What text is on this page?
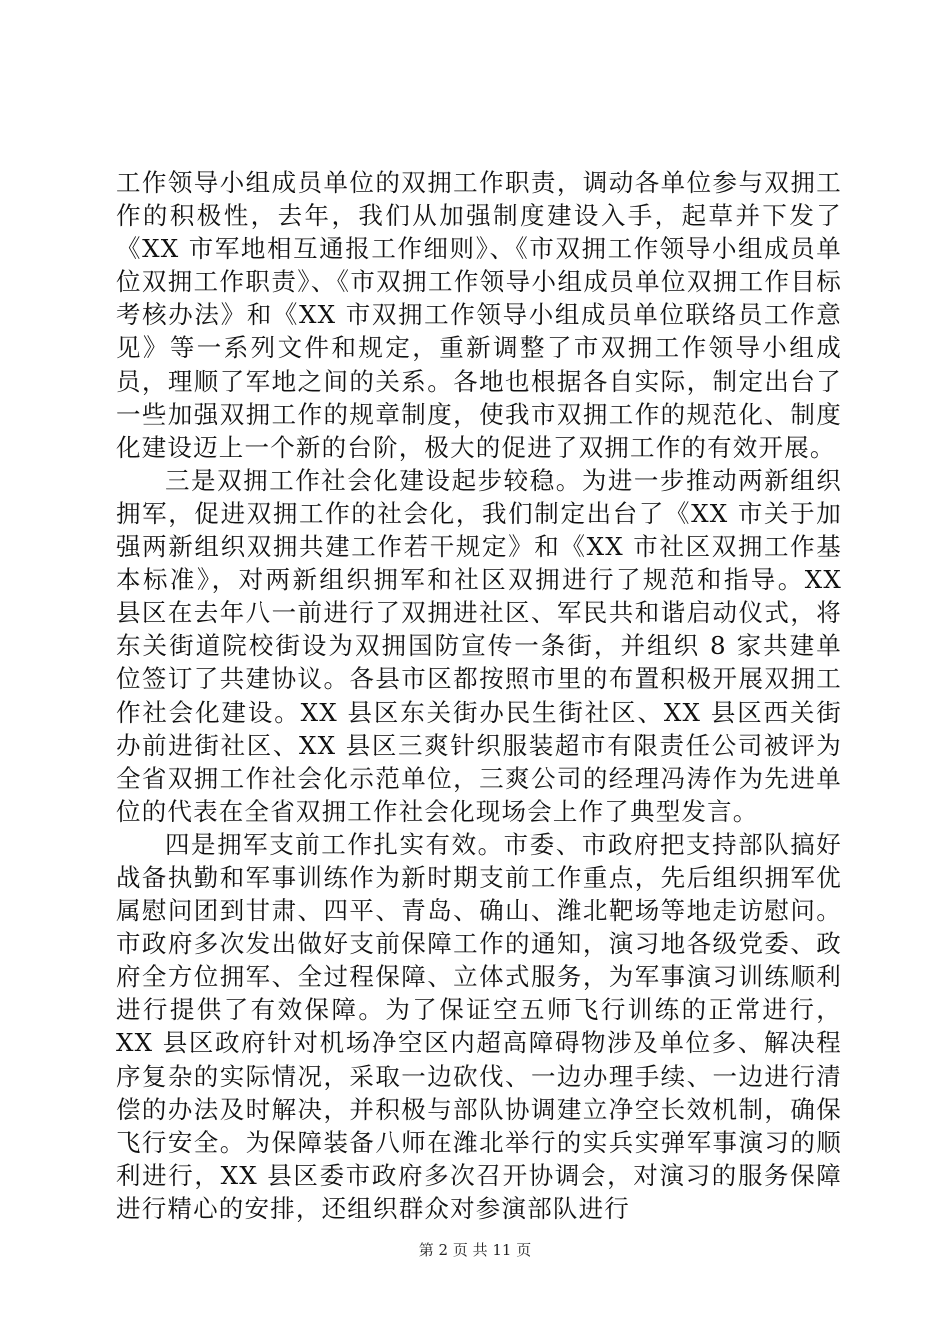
工作领导小组成员单位的双拥工作职责，调动各单位参与双拥工作的积极性，去年，我们从加强制度建设入手，起草并下发了《XX 市军地相互通报工作细则》、《市双拥工作领导小组成员单位双拥工作职责》、《市双拥工作领导小组成员单位双拥工作目标考核办法》和《XX 市双拥工作领导小组成员单位联络员工作意见》等一系列文件和规定，重新调整了市双拥工作领导小组成员，理顺了军地之间的关系。各地也根据各自实际，制定出台了一些加强双拥工作的规章制度，使我市双拥工作的规范化、制度化建设迈上一个新的台阶，极大的促进了双拥工作的有效开展。

三是双拥工作社会化建设起步较稳。为进一步推动两新组织拥军，促进双拥工作的社会化，我们制定出台了《XX 市关于加强两新组织双拥共建工作若干规定》和《XX 市社区双拥工作基本标准》，对两新组织拥军和社区双拥进行了规范和指导。XX 县区在去年八一前进行了双拥进社区、军民共和谐启动仪式，将东关街道院校街设为双拥国防宣传一条街，并组织 8 家共建单位签订了共建协议。各县市区都按照市里的布置积极开展双拥工作社会化建设。XX 县区东关街办民生街社区、XX 县区西关街办前进街社区、XX 县区三爽针织服装超市有限责任公司被评为全省双拥工作社会化示范单位，三爽公司的经理冯涛作为先进单位的代表在全省双拥工作社会化现场会上作了典型发言。

四是拥军支前工作扎实有效。市委、市政府把支持部队搞好战备执勤和军事训练作为新时期支前工作重点，先后组织拥军优属慰问团到甘肃、四平、青岛、确山、潍北靶场等地走访慰问。市政府多次发出做好支前保障工作的通知，演习地各级党委、政府全方位拥军、全过程保障、立体式服务，为军事演习训练顺利进行提供了有效保障。为了保证空五师飞行训练的正常进行，XX 县区政府针对机场净空区内超高障碍物涉及单位多、解决程序复杂的实际情况，采取一边砍伐、一边办理手续、一边进行清偿的办法及时解决，并积极与部队协调建立净空长效机制，确保飞行安全。为保障装备八师在潍北举行的实兵实弹军事演习的顺利进行，XX 县区委市政府多次召开协调会，对演习的服务保障进行精心的安排，还组织群众对参演部队进行

第 2 页 共 11 页
